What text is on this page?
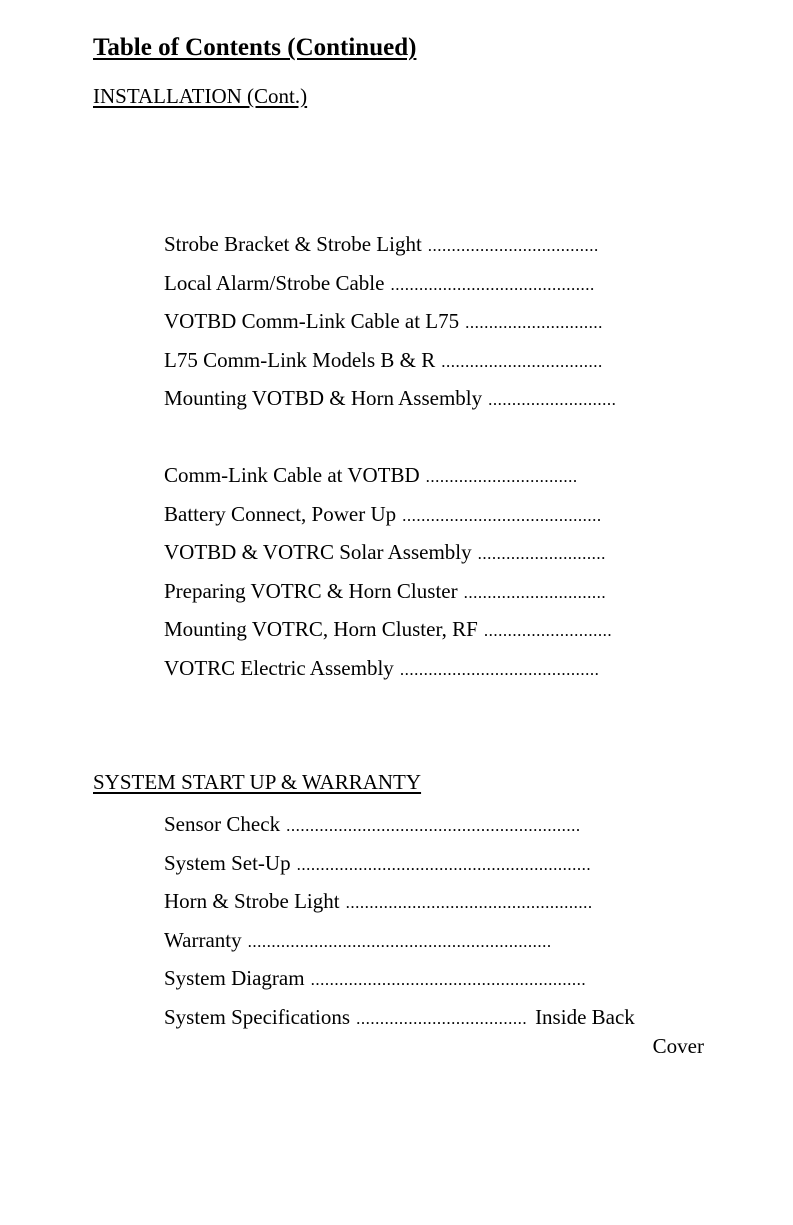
Table of Contents (Continued)
INSTALLATION (Cont.)
Strobe Bracket & Strobe Light ....................................
Local Alarm/Strobe Cable ...........................................
VOTBD Comm-Link Cable at L75 .............................
L75 Comm-Link Models B & R ..................................
Mounting VOTBD & Horn Assembly ...........................
Comm-Link Cable at VOTBD ................................
Battery Connect, Power Up ..........................................
VOTBD & VOTRC Solar Assembly ...........................
Preparing VOTRC & Horn Cluster ..............................
Mounting VOTRC, Horn Cluster, RF ...........................
VOTRC Electric Assembly ..........................................
SYSTEM START UP & WARRANTY
Sensor Check ..............................................................
System Set-Up ..............................................................
Horn & Strobe Light ....................................................
Warranty ................................................................
System Diagram ..........................................................
System Specifications .................................... Inside Back
Cover
